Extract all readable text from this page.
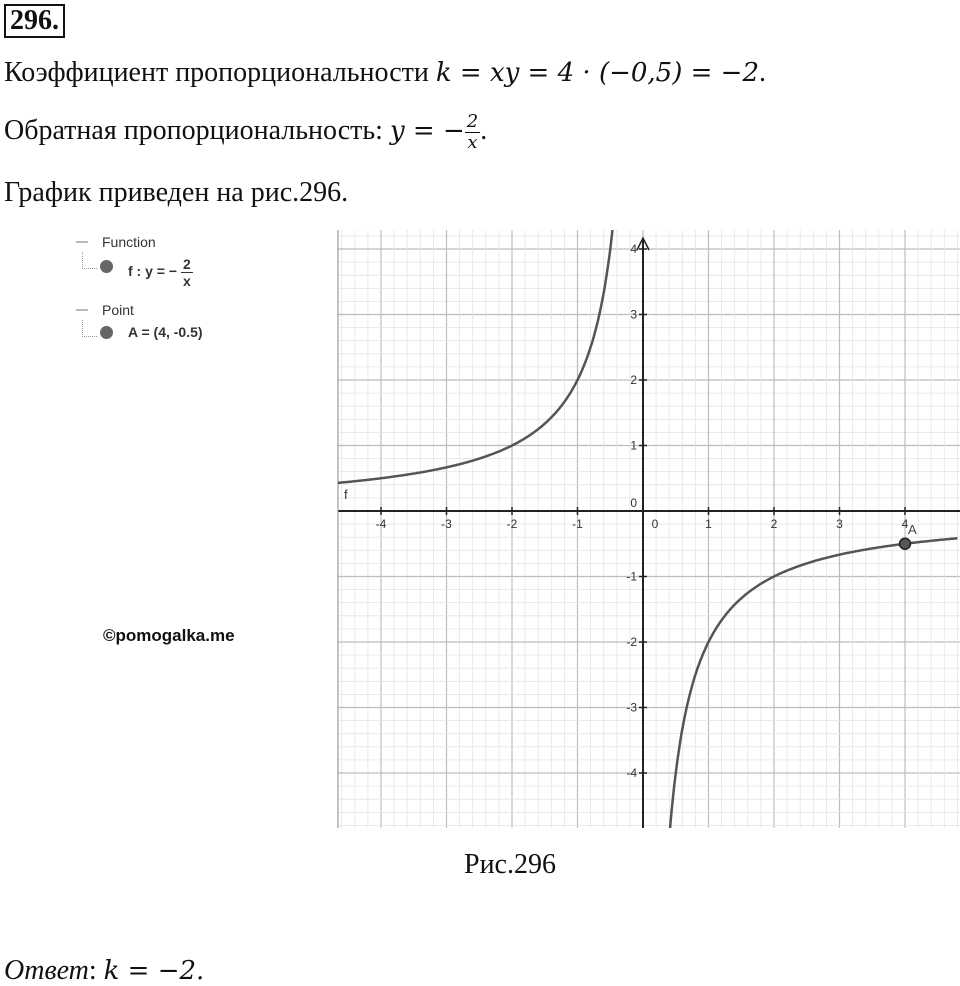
296.
Коэффициент пропорциональности k = xy = 4 · (−0,5) = −2.
Обратная пропорциональность: y = − $\frac{2}{x}$ .
График приведен на рис.296.
Function
f : y = − $\frac{2}{x}$
Point
A = (4, -0.5)
©pomogalka.me
-4	-3	-2	-1	0	1	2	3	4
4
3
2
1
0
-1
-2
-3
-4
f
A
Рис.296
Ответ: k = −2.
